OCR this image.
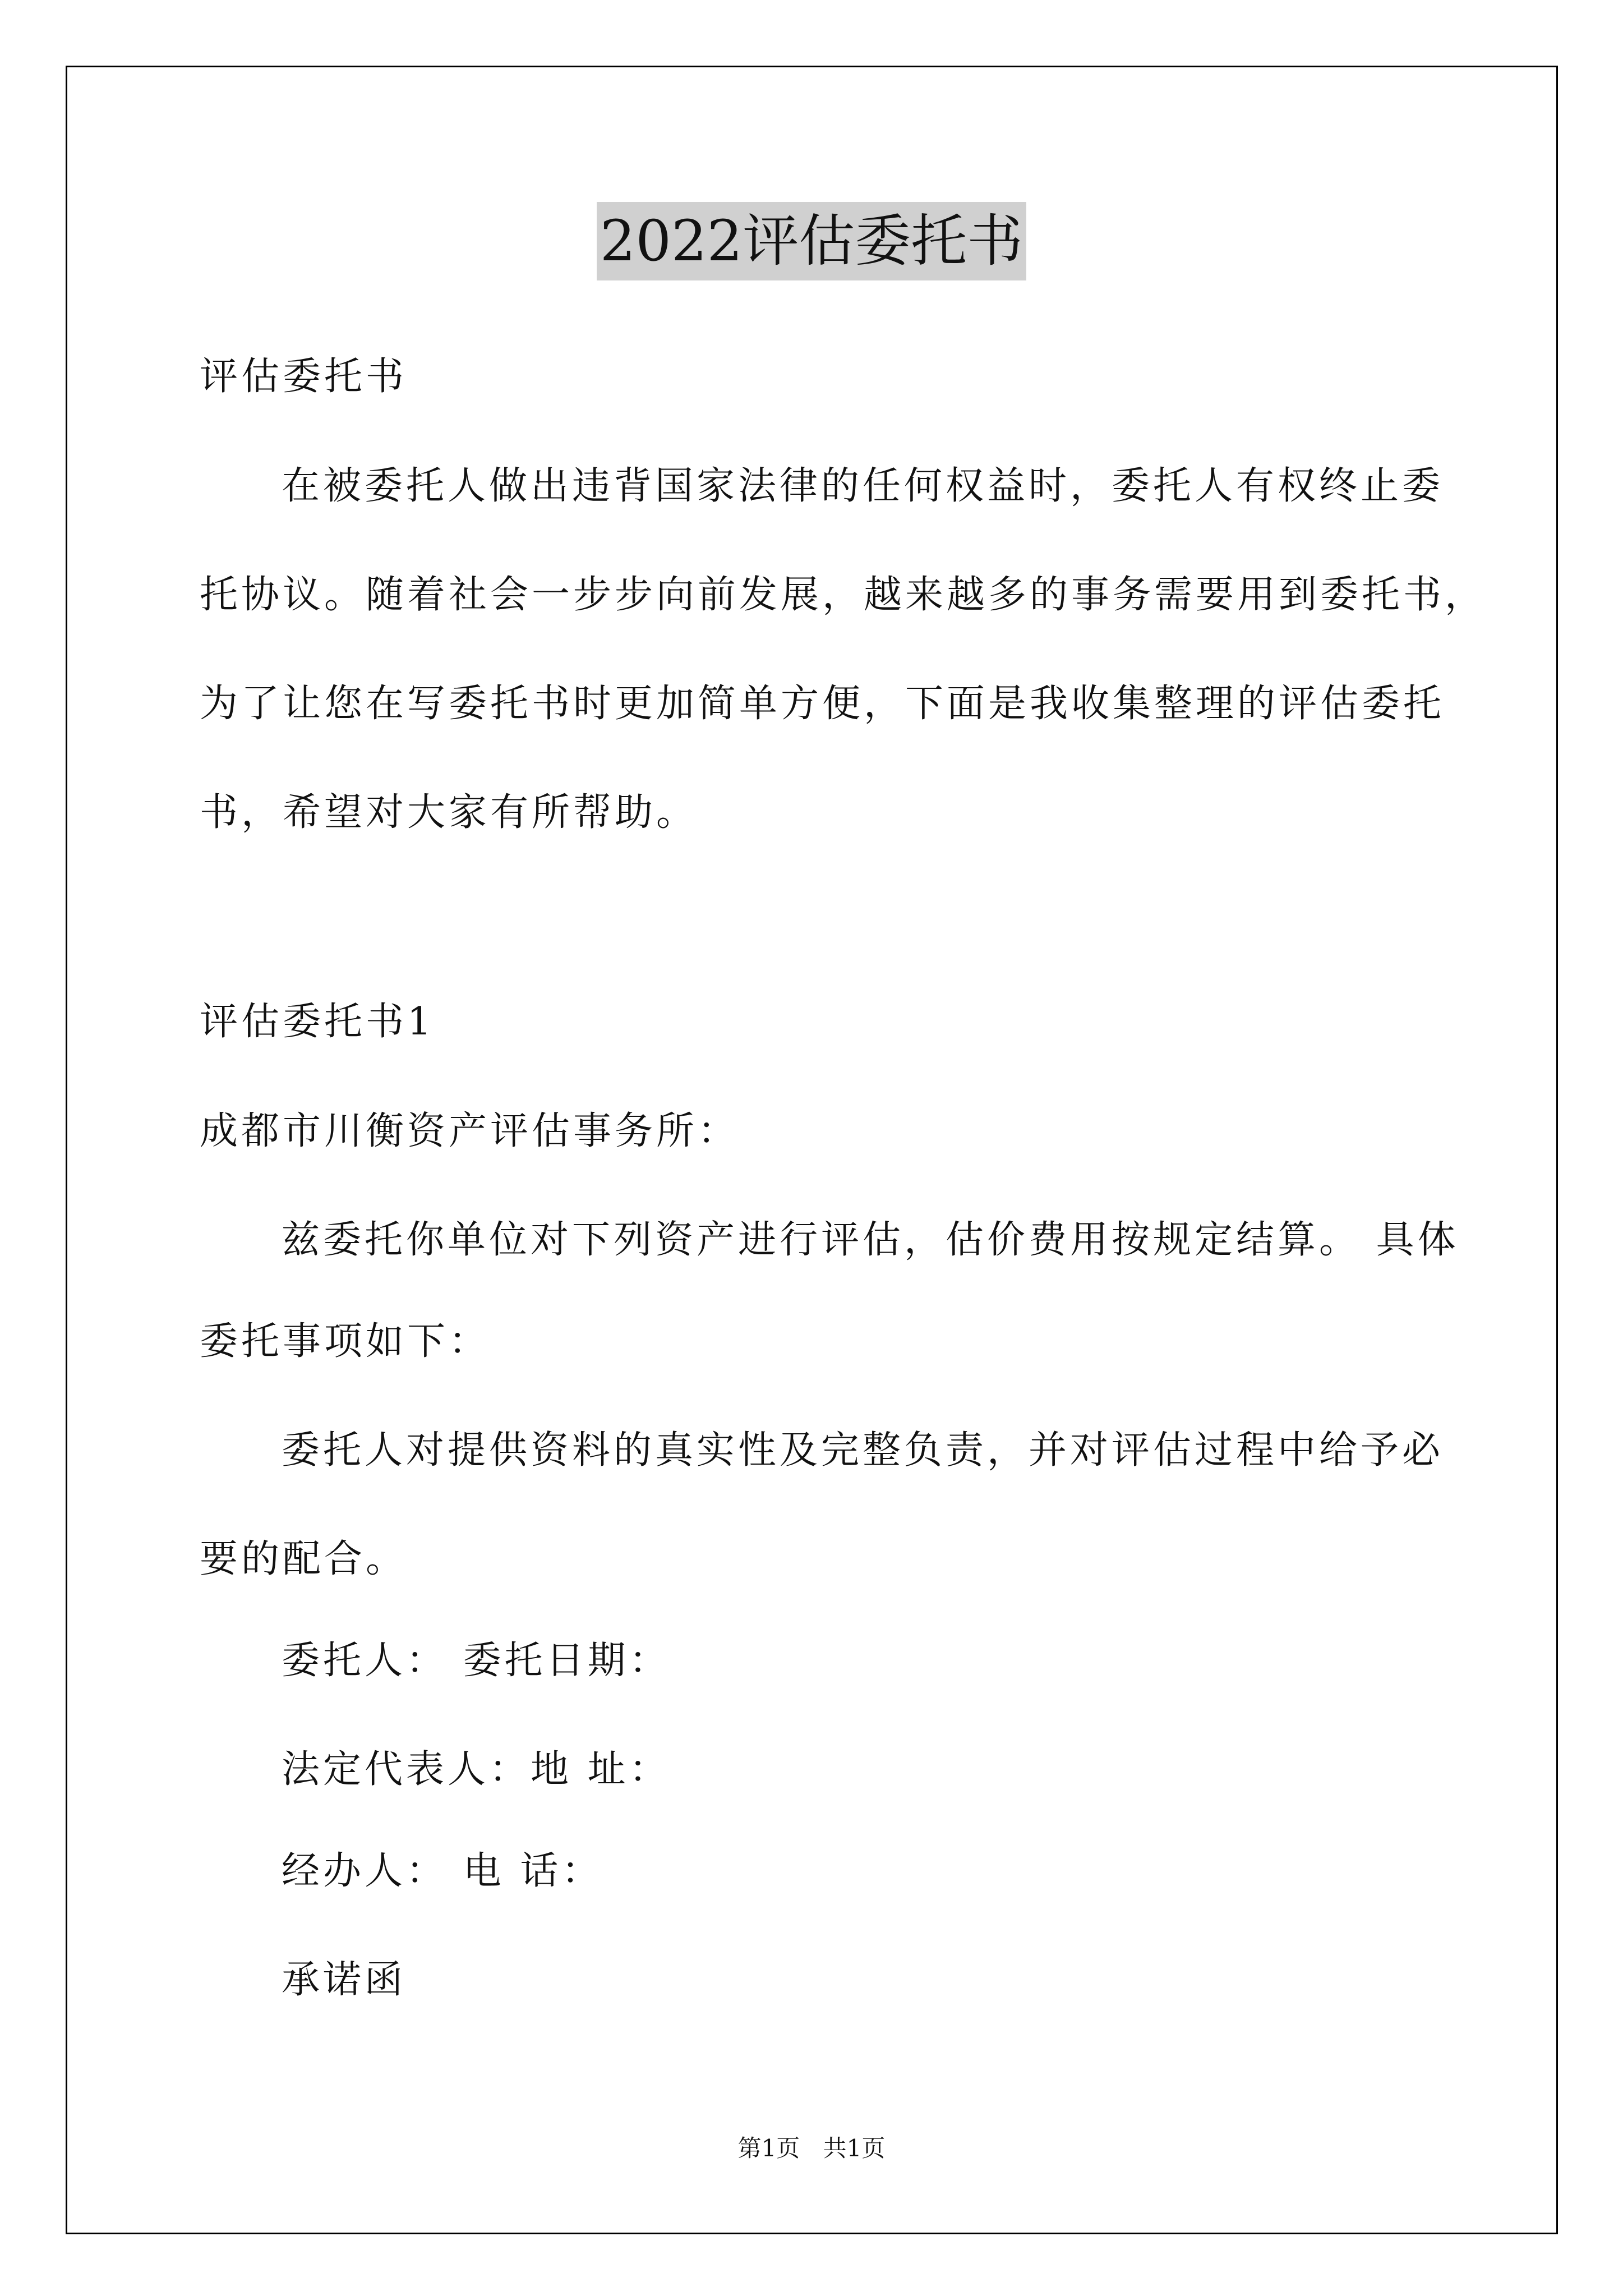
2022评估委托书
评估委托书
在被委托人做出违背国家法律的任何权益时，委托人有权终止委
托协议。随着社会一步步向前发展，越来越多的事务需要用到委托书，
为了让您在写委托书时更加简单方便，下面是我收集整理的评估委托
书，希望对大家有所帮助。
评估委托书1
成都市川衡资产评估事务所：
兹委托你单位对下列资产进行评估，估价费用按规定结算。 具体
委托事项如下：
委托人对提供资料的真实性及完整负责，并对评估过程中给予必
要的配合。
委托人： 委托日期：
法定代表人：地 址：
经办人： 电 话：
承诺函
第1页 共1页
